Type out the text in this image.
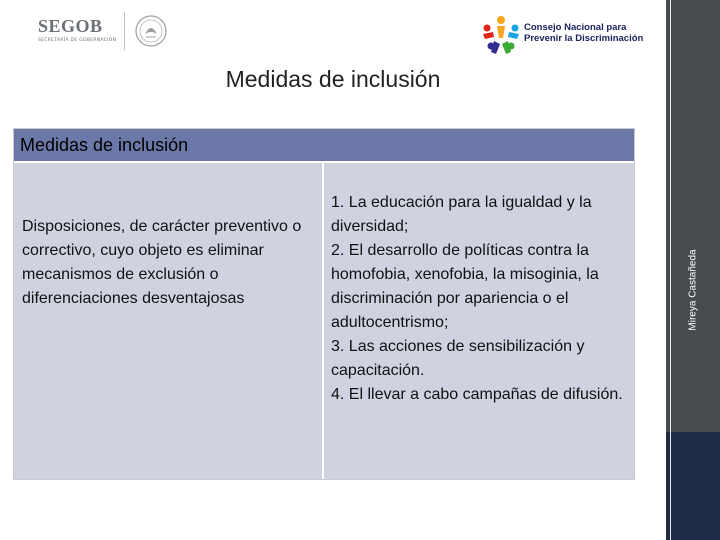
SEGOB
SECRETARÍA DE GOBERNACIÓN
Consejo Nacional para
Prevenir la Discriminación
Mireya Castañeda
Medidas de inclusión
Medidas de inclusión
Disposiciones, de carácter preventivo o correctivo, cuyo objeto es eliminar mecanismos de exclusión o diferenciaciones desventajosas

1. La educación para la igualdad y la diversidad;

2. El desarrollo de políticas contra la homofobia, xenofobia, la misoginia, la discriminación por apariencia o el adultocentrismo;

3. Las acciones de sensibilización y capacitación.

4. El llevar a cabo campañas de difusión.
